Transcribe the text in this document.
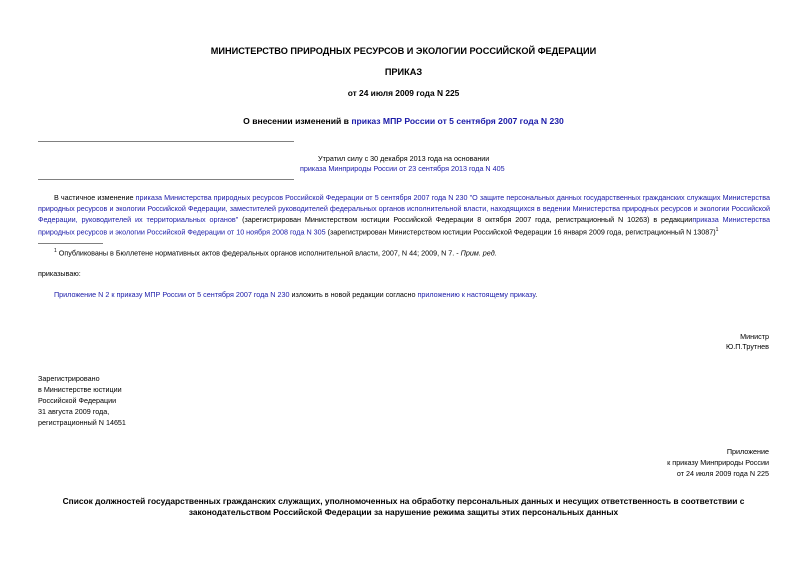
МИНИСТЕРСТВО ПРИРОДНЫХ РЕСУРСОВ И ЭКОЛОГИИ РОССИЙСКОЙ ФЕДЕРАЦИИ
ПРИКАЗ
от 24 июля 2009 года N 225
О внесении изменений в приказ МПР России от 5 сентября 2007 года N 230
Утратил силу с 30 декабря 2013 года на основании
приказа Минприроды России от 23 сентября 2013 года N 405
В частичное изменение приказа Министерства природных ресурсов Российской Федерации от 5 сентября 2007 года N 230 "О защите персональных данных государственных гражданских служащих Министерства природных ресурсов и экологии Российской Федерации, заместителей руководителей федеральных органов исполнительной власти, находящихся в ведении Министерства природных ресурсов и экологии Российской Федерации, руководителей их территориальных органов" (зарегистрирован Министерством юстиции Российской Федерации 8 октября 2007 года, регистрационный N 10263) в редакцииприказа Министерства природных ресурсов и экологии Российской Федерации от 10 ноября 2008 года N 305 (зарегистрирован Министерством юстиции Российской Федерации 16 января 2009 года, регистрационный N 13087)$^1$
$^1$ Опубликованы в Бюллетене нормативных актов федеральных органов исполнительной власти, 2007, N 44; 2009, N 7. - Прим. ред.
приказываю:
Приложение N 2 к приказу МПР России от 5 сентября 2007 года N 230 изложить в новой редакции согласно приложению к настоящему приказу.
Министр
Ю.П.Трутнев
Зарегистрировано
в Министерстве юстиции
Российской Федерации
31 августа 2009 года,
регистрационный N 14651
Приложение
к приказу Минприроды России
от 24 июля 2009 года N 225
Список должностей государственных гражданских служащих, уполномоченных на обработку персональных данных и несущих ответственность в соответствии с
законодательством Российской Федерации за нарушение режима защиты этих персональных данных
